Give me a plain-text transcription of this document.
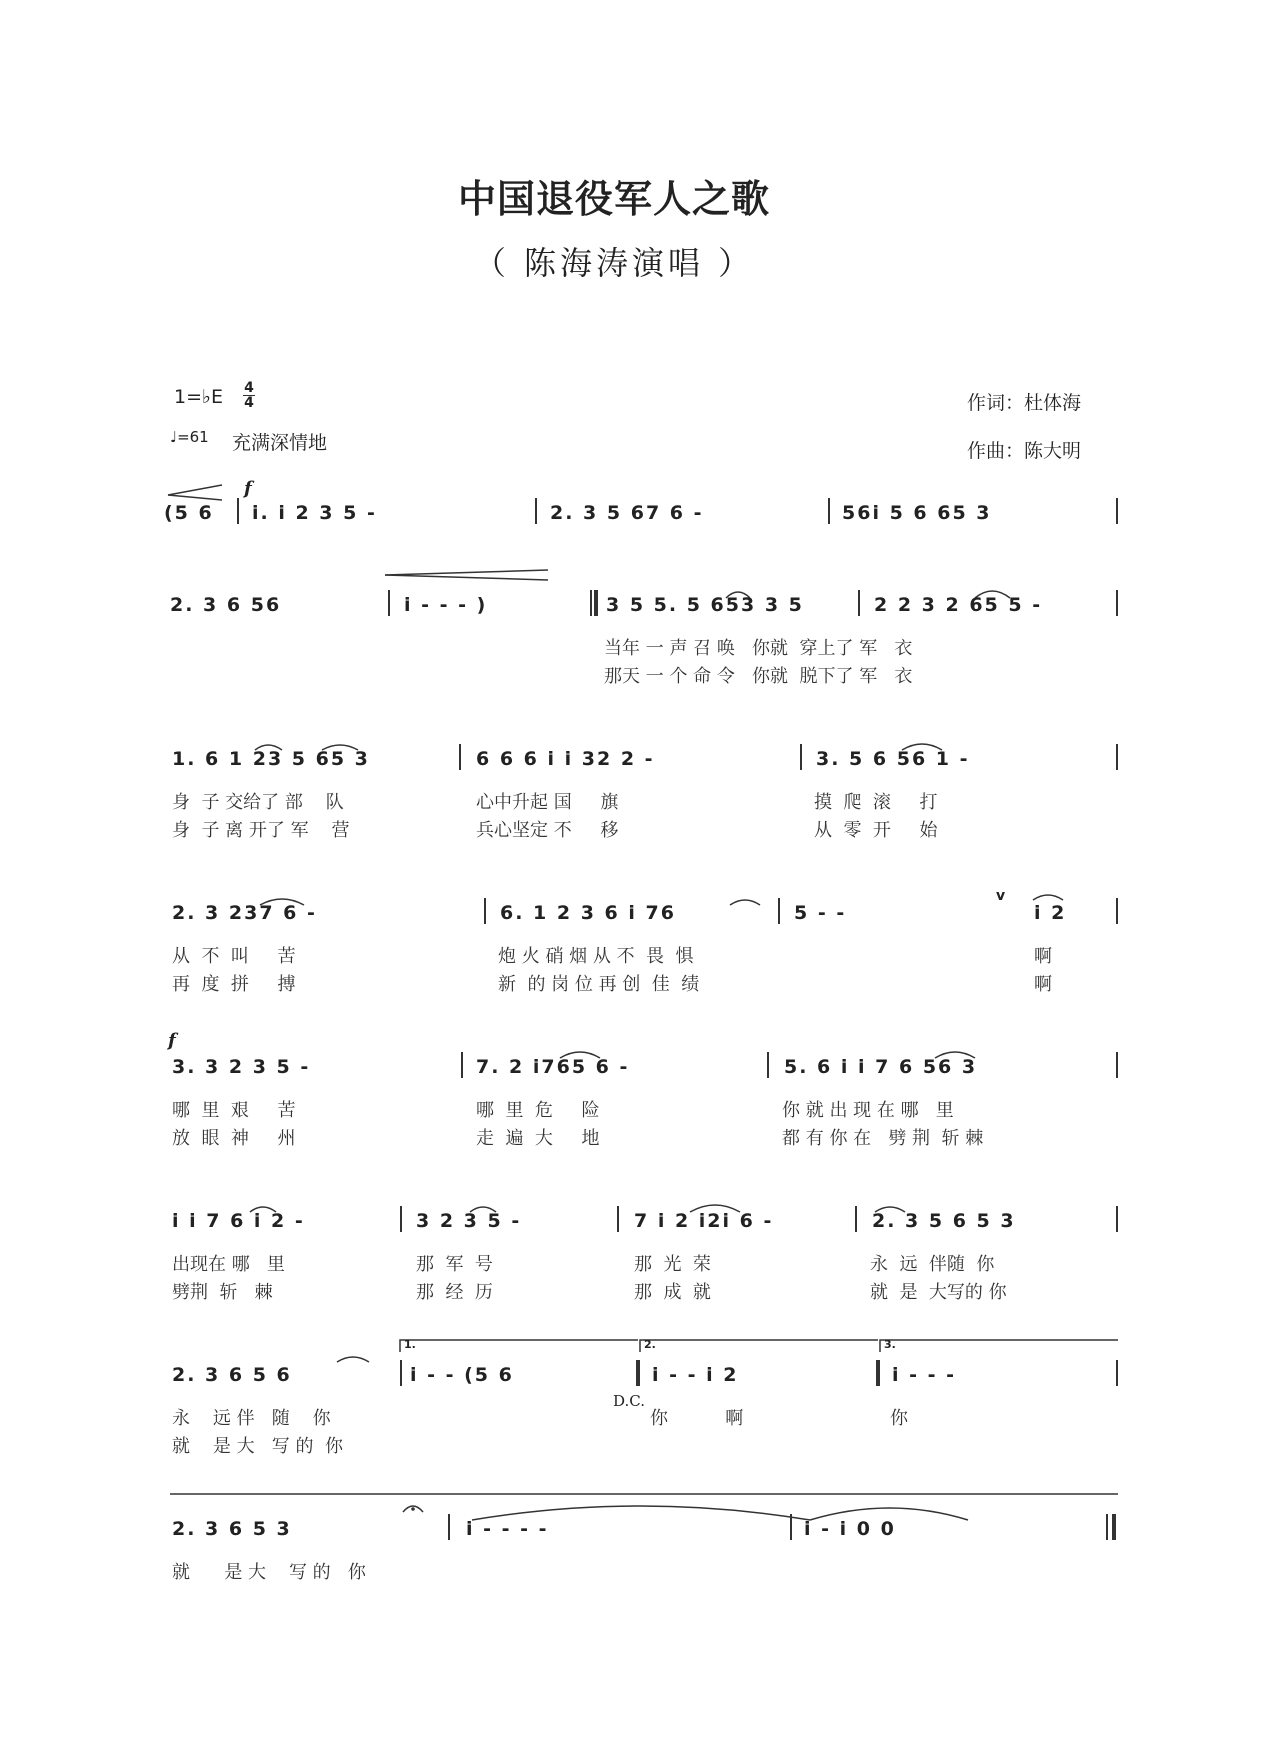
中国退役军人之歌
（ 陈海涛演唱 ）
1=♭E 4
4
♩=61 充满深情地
作词：杜体海
作曲：陈大明
f
f
v
D.C.
1.	2.	3.
(5 6 i. i 2 3 5 -	2. 3 5 67 6 -	56i 5 6 65 3
2. 3 6 56	i - - - )	3 5 5. 5 653 3 5	2 2 3 2 65 5 -
当年 一 声 召 唤   你就  穿上了 军   衣
那天 一 个 命 令   你就  脱下了 军   衣
1. 6 1 23 5 65 3	6 6 6 i i 32 2 -	3. 5 6 56 1 -
身  子 交给了 部    队
身  子 离 开了 军    营
心中升起 国     旗
兵心坚定 不     移
摸  爬  滚     打
从  零  开     始
2. 3 237 6 -	6. 1 2 3 6 i 76	5 - -	i 2
从  不  叫     苦
再  度  拼     搏
炮 火 硝 烟 从 不  畏  惧
新  的 岗 位 再 创  佳  绩
啊
啊
3. 3 2 3 5 -	7. 2 i765 6 -	5. 6 i i 7 6 56 3
哪  里  艰     苦
放  眼  神     州
哪  里  危     险
走  遍  大     地
你 就 出 现 在 哪   里
都 有 你 在   劈 荆  斩 棘
i i 7 6 i 2 -	3 2 3 5 -	7 i 2 i2i 6 -	2. 3 5 6 5 3
出现在 哪   里
劈荆  斩   棘
那  军  号
那  经  历
那  光  荣
那  成  就
永  远  伴随  你
就  是  大写的 你
2. 3 6 5 6	i - - (5 6	i - - i 2	i - - -
永    远 伴   随    你
就    是 大   写 的  你
你          啊	你
2. 3 6 5 3	i - - - -	i - i 0 0
就      是 大    写 的   你
